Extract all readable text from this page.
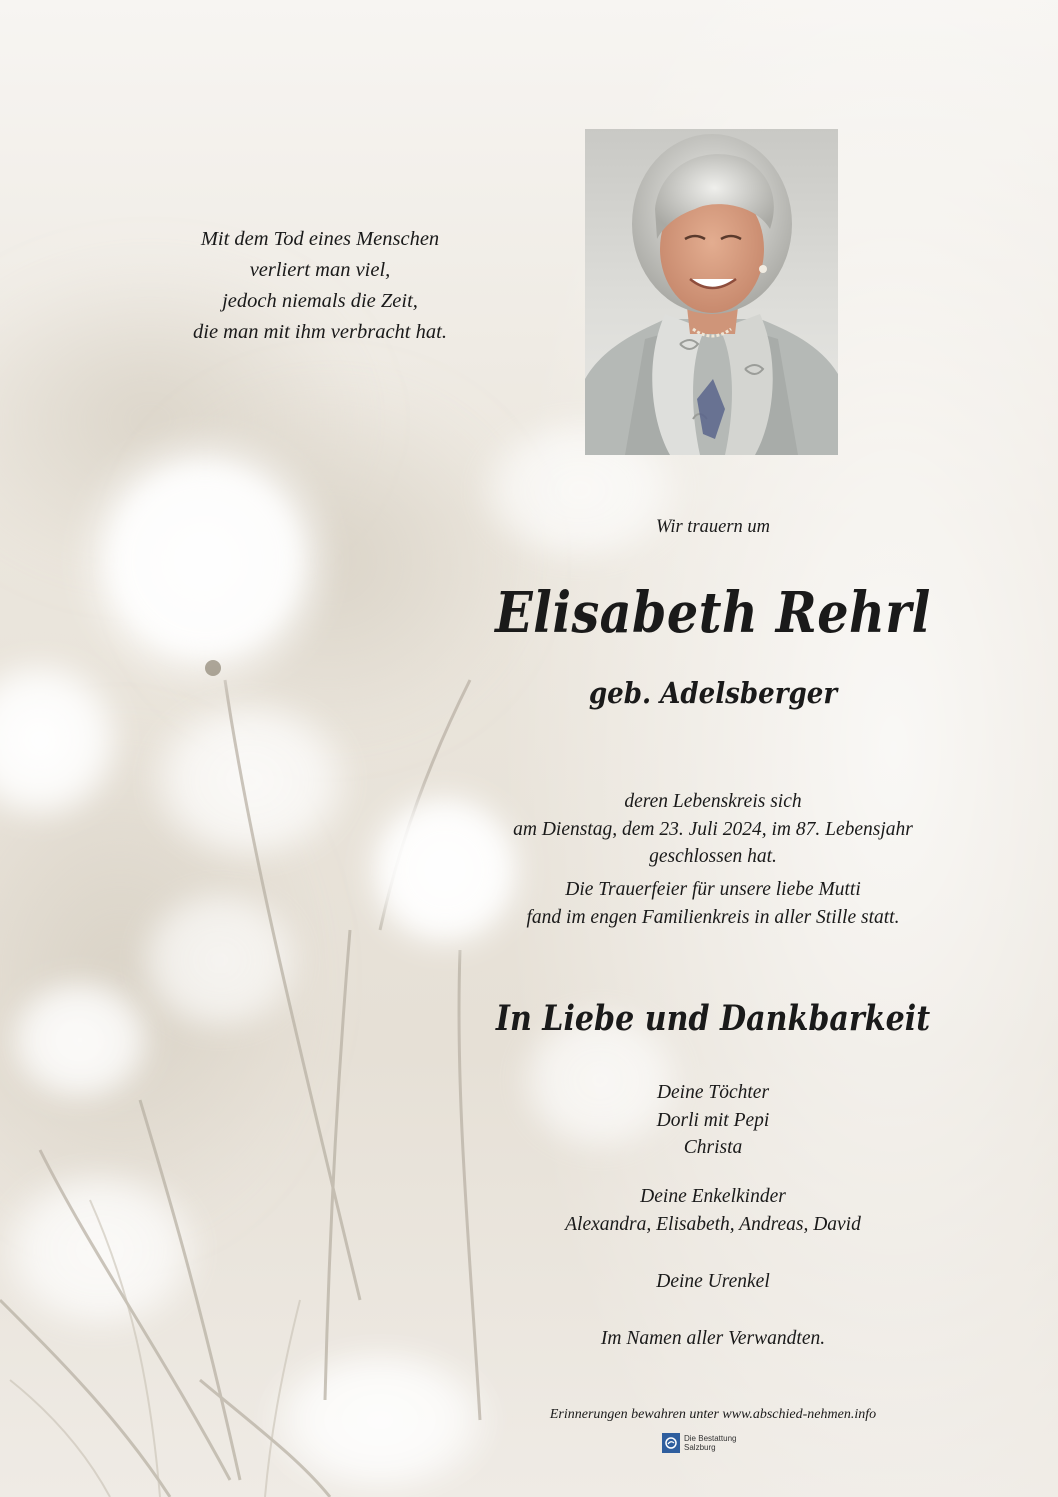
Mit dem Tod eines Menschen
verliert man viel,
jedoch niemals die Zeit,
die man mit ihm verbracht hat.
Wir trauern um
Elisabeth Rehrl
geb. Adelsberger
deren Lebenskreis sich
am Dienstag, dem 23. Juli 2024, im 87. Lebensjahr
geschlossen hat.
Die Trauerfeier für unsere liebe Mutti
fand im engen Familienkreis in aller Stille statt.
In Liebe und Dankbarkeit
Deine Töchter
Dorli mit Pepi
Christa
Deine Enkelkinder
Alexandra, Elisabeth, Andreas, David
Deine Urenkel
Im Namen aller Verwandten.
Erinnerungen bewahren unter www.abschied-nehmen.info
Die Bestattung
Salzburg
